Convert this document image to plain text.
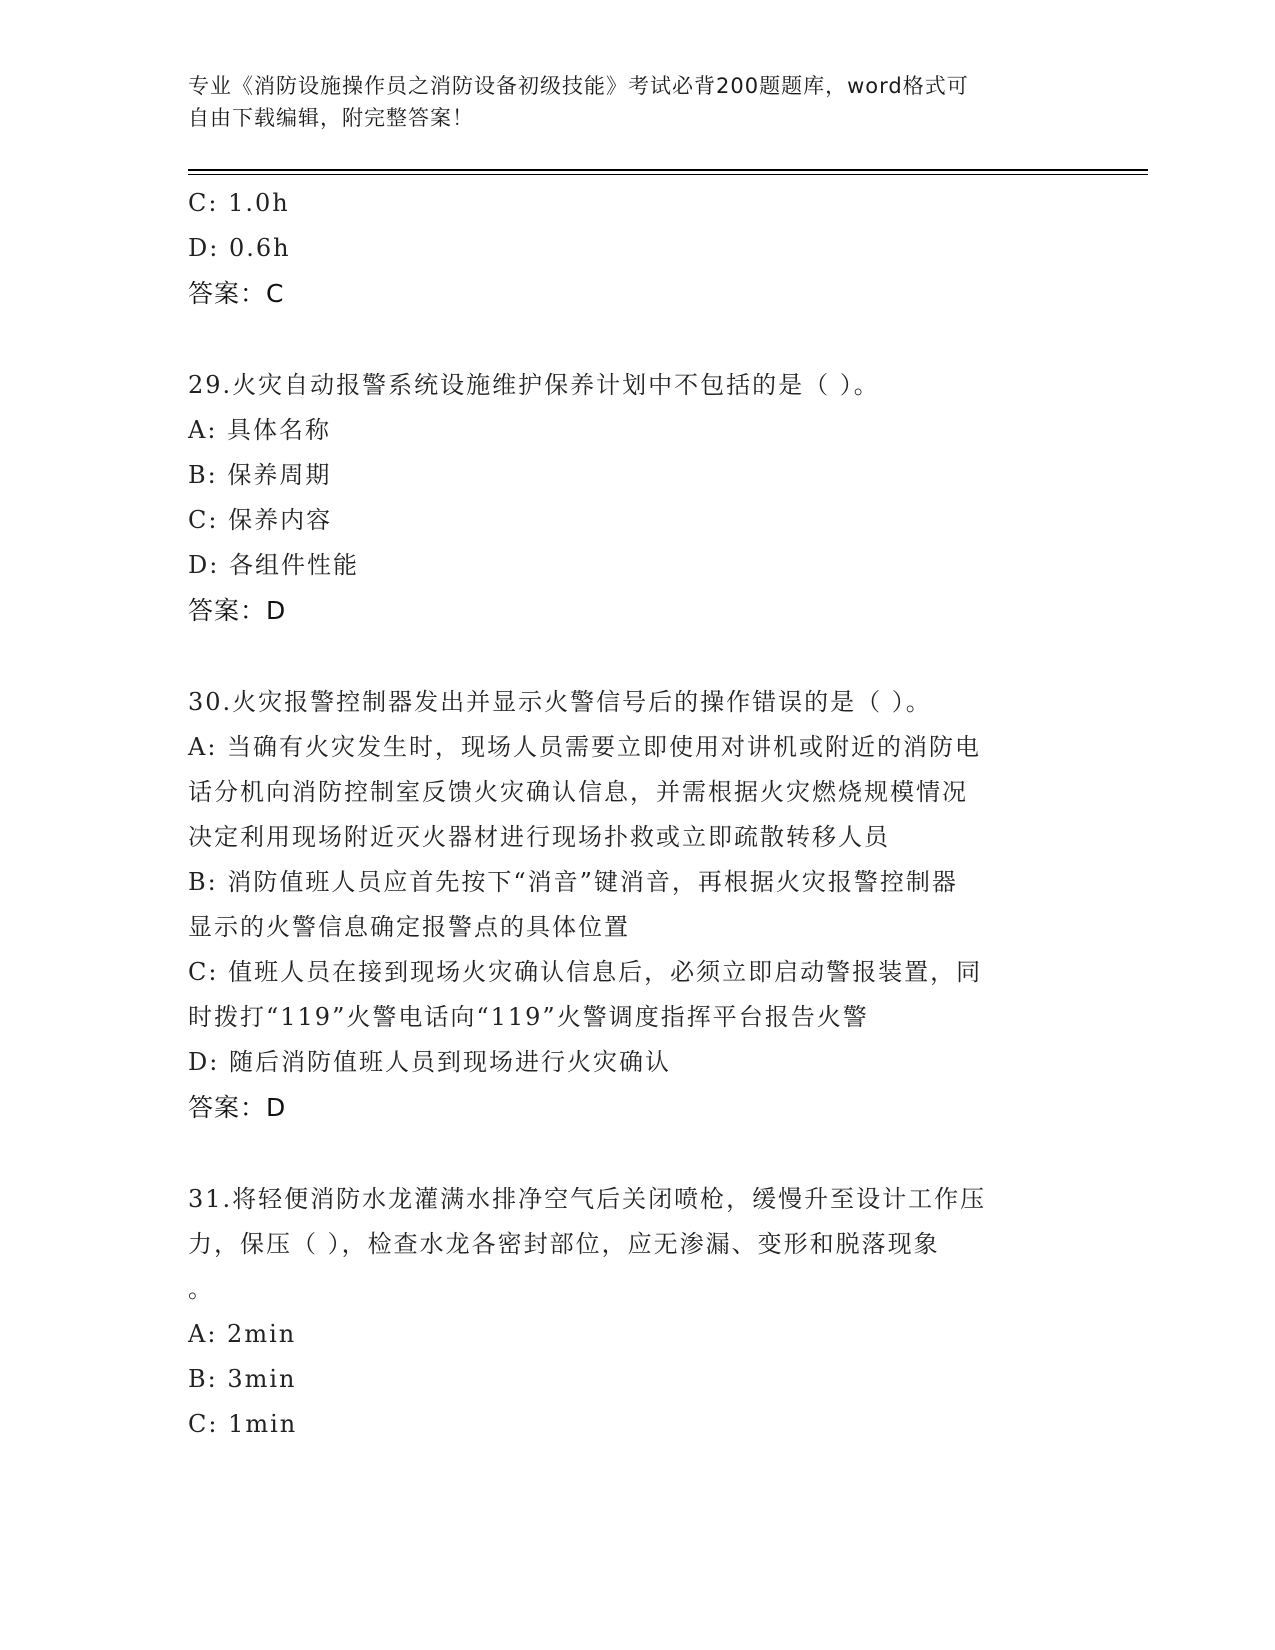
专业《消防设施操作员之消防设备初级技能》考试必背200题题库，word格式可
自由下载编辑，附完整答案！
C: 1.0h
D: 0.6h
答案：C
29.火灾自动报警系统设施维护保养计划中不包括的是（ ）。
A: 具体名称
B: 保养周期
C: 保养内容
D: 各组件性能
答案：D
30.火灾报警控制器发出并显示火警信号后的操作错误的是（ ）。
A: 当确有火灾发生时，现场人员需要立即使用对讲机或附近的消防电
话分机向消防控制室反馈火灾确认信息，并需根据火灾燃烧规模情况
决定利用现场附近灭火器材进行现场扑救或立即疏散转移人员
B: 消防值班人员应首先按下“消音”键消音，再根据火灾报警控制器
显示的火警信息确定报警点的具体位置
C: 值班人员在接到现场火灾确认信息后，必须立即启动警报装置，同
时拨打“119”火警电话向“119”火警调度指挥平台报告火警
D: 随后消防值班人员到现场进行火灾确认
答案：D
31.将轻便消防水龙灌满水排净空气后关闭喷枪，缓慢升至设计工作压
力，保压（ ），检查水龙各密封部位，应无渗漏、变形和脱落现象
。
A: 2min
B: 3min
C: 1min
